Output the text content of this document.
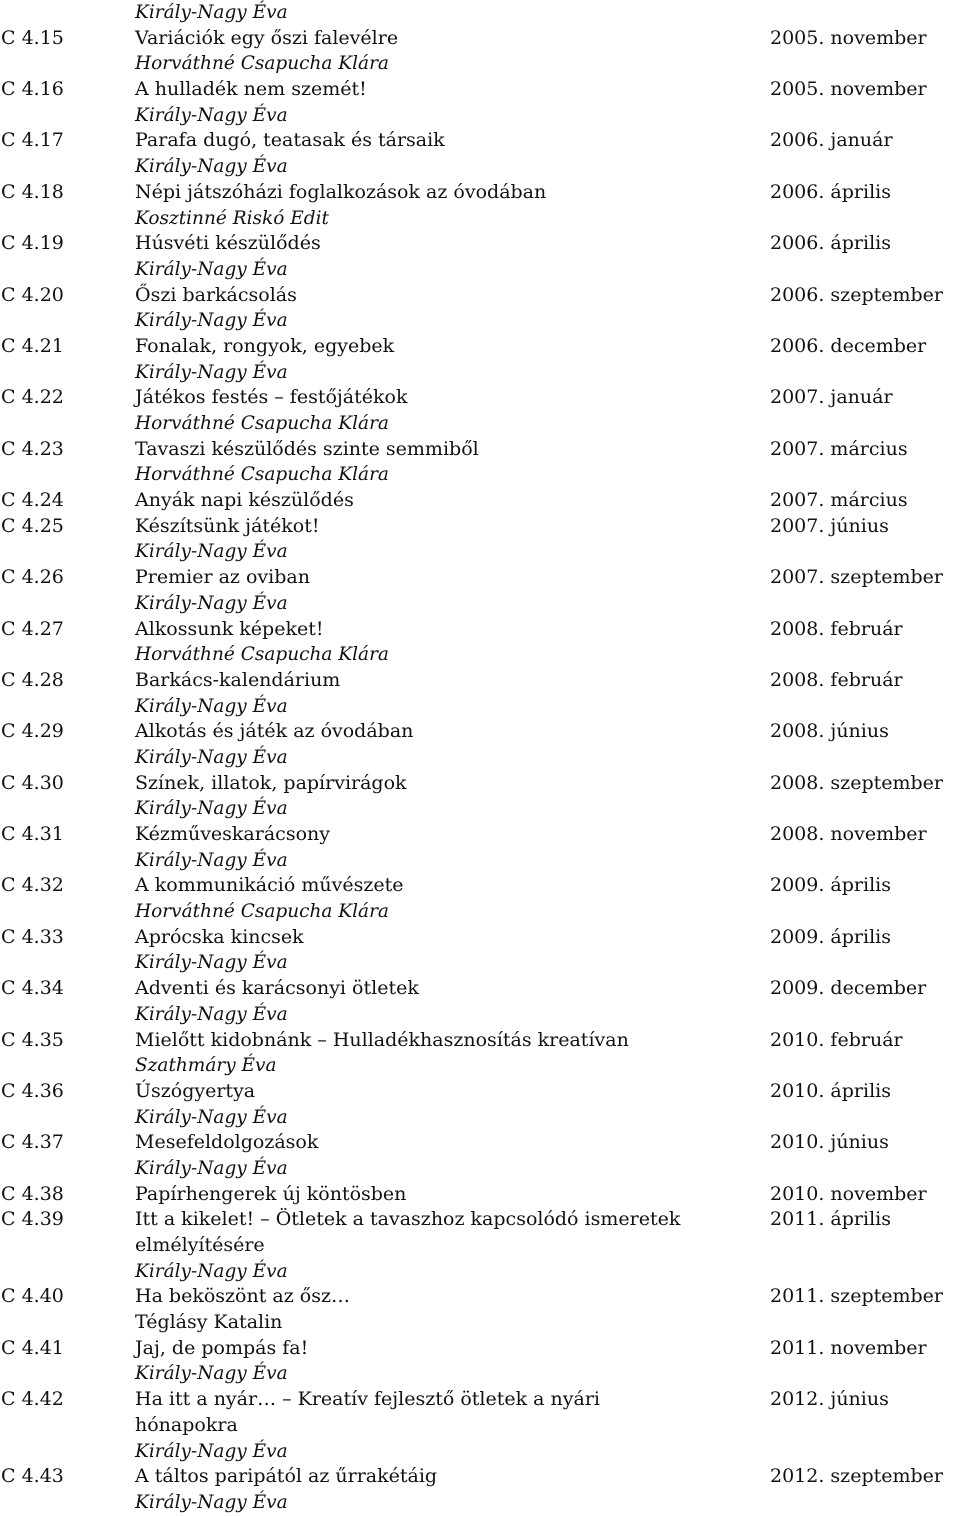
Király-Nagy Éva
C 4.15	Variációk egy őszi falevélre	2005. november
Horváthné Csapucha Klára
C 4.16	A hulladék nem szemét!	2005. november
Király-Nagy Éva
C 4.17	Parafa dugó, teatasak és társaik	2006. január
Király-Nagy Éva
C 4.18	Népi játszóházi foglalkozások az óvodában	2006. április
Kosztinné Riskó Edit
C 4.19	Húsvéti készülődés	2006. április
Király-Nagy Éva
C 4.20	Őszi barkácsolás	2006. szeptember
Király-Nagy Éva
C 4.21	Fonalak, rongyok, egyebek	2006. december
Király-Nagy Éva
C 4.22	Játékos festés – festőjátékok	2007. január
Horváthné Csapucha Klára
C 4.23	Tavaszi készülődés szinte semmiből	2007. március
Horváthné Csapucha Klára
C 4.24	Anyák napi készülődés	2007. március
C 4.25	Készítsünk játékot!	2007. június
Király-Nagy Éva
C 4.26	Premier az oviban	2007. szeptember
Király-Nagy Éva
C 4.27	Alkossunk képeket!	2008. február
Horváthné Csapucha Klára
C 4.28	Barkács-kalendárium	2008. február
Király-Nagy Éva
C 4.29	Alkotás és játék az óvodában	2008. június
Király-Nagy Éva
C 4.30	Színek, illatok, papírvirágok	2008. szeptember
Király-Nagy Éva
C 4.31	Kézműveskarácsony	2008. november
Király-Nagy Éva
C 4.32	A kommunikáció művészete	2009. április
Horváthné Csapucha Klára
C 4.33	Aprócska kincsek	2009. április
Király-Nagy Éva
C 4.34	Adventi és karácsonyi ötletek	2009. december
Király-Nagy Éva
C 4.35	Mielőtt kidobnánk – Hulladékhasznosítás kreatívan	2010. február
Szathmáry Éva
C 4.36	Úszógyertya	2010. április
Király-Nagy Éva
C 4.37	Mesefeldolgozások	2010. június
Király-Nagy Éva
C 4.38	Papírhengerek új köntösben	2010. november
C 4.39	Itt a kikelet! – Ötletek a tavaszhoz kapcsolódó ismeretek	2011. április
elmélyítésére
Király-Nagy Éva
C 4.40	Ha beköszönt az ősz…	2011. szeptember
Téglásy Katalin
C 4.41	Jaj, de pompás fa!	2011. november
Király-Nagy Éva
C 4.42	Ha itt a nyár… – Kreatív fejlesztő ötletek a nyári	2012. június
hónapokra
Király-Nagy Éva
C 4.43	A táltos paripától az űrrakétáig	2012. szeptember
Király-Nagy Éva
